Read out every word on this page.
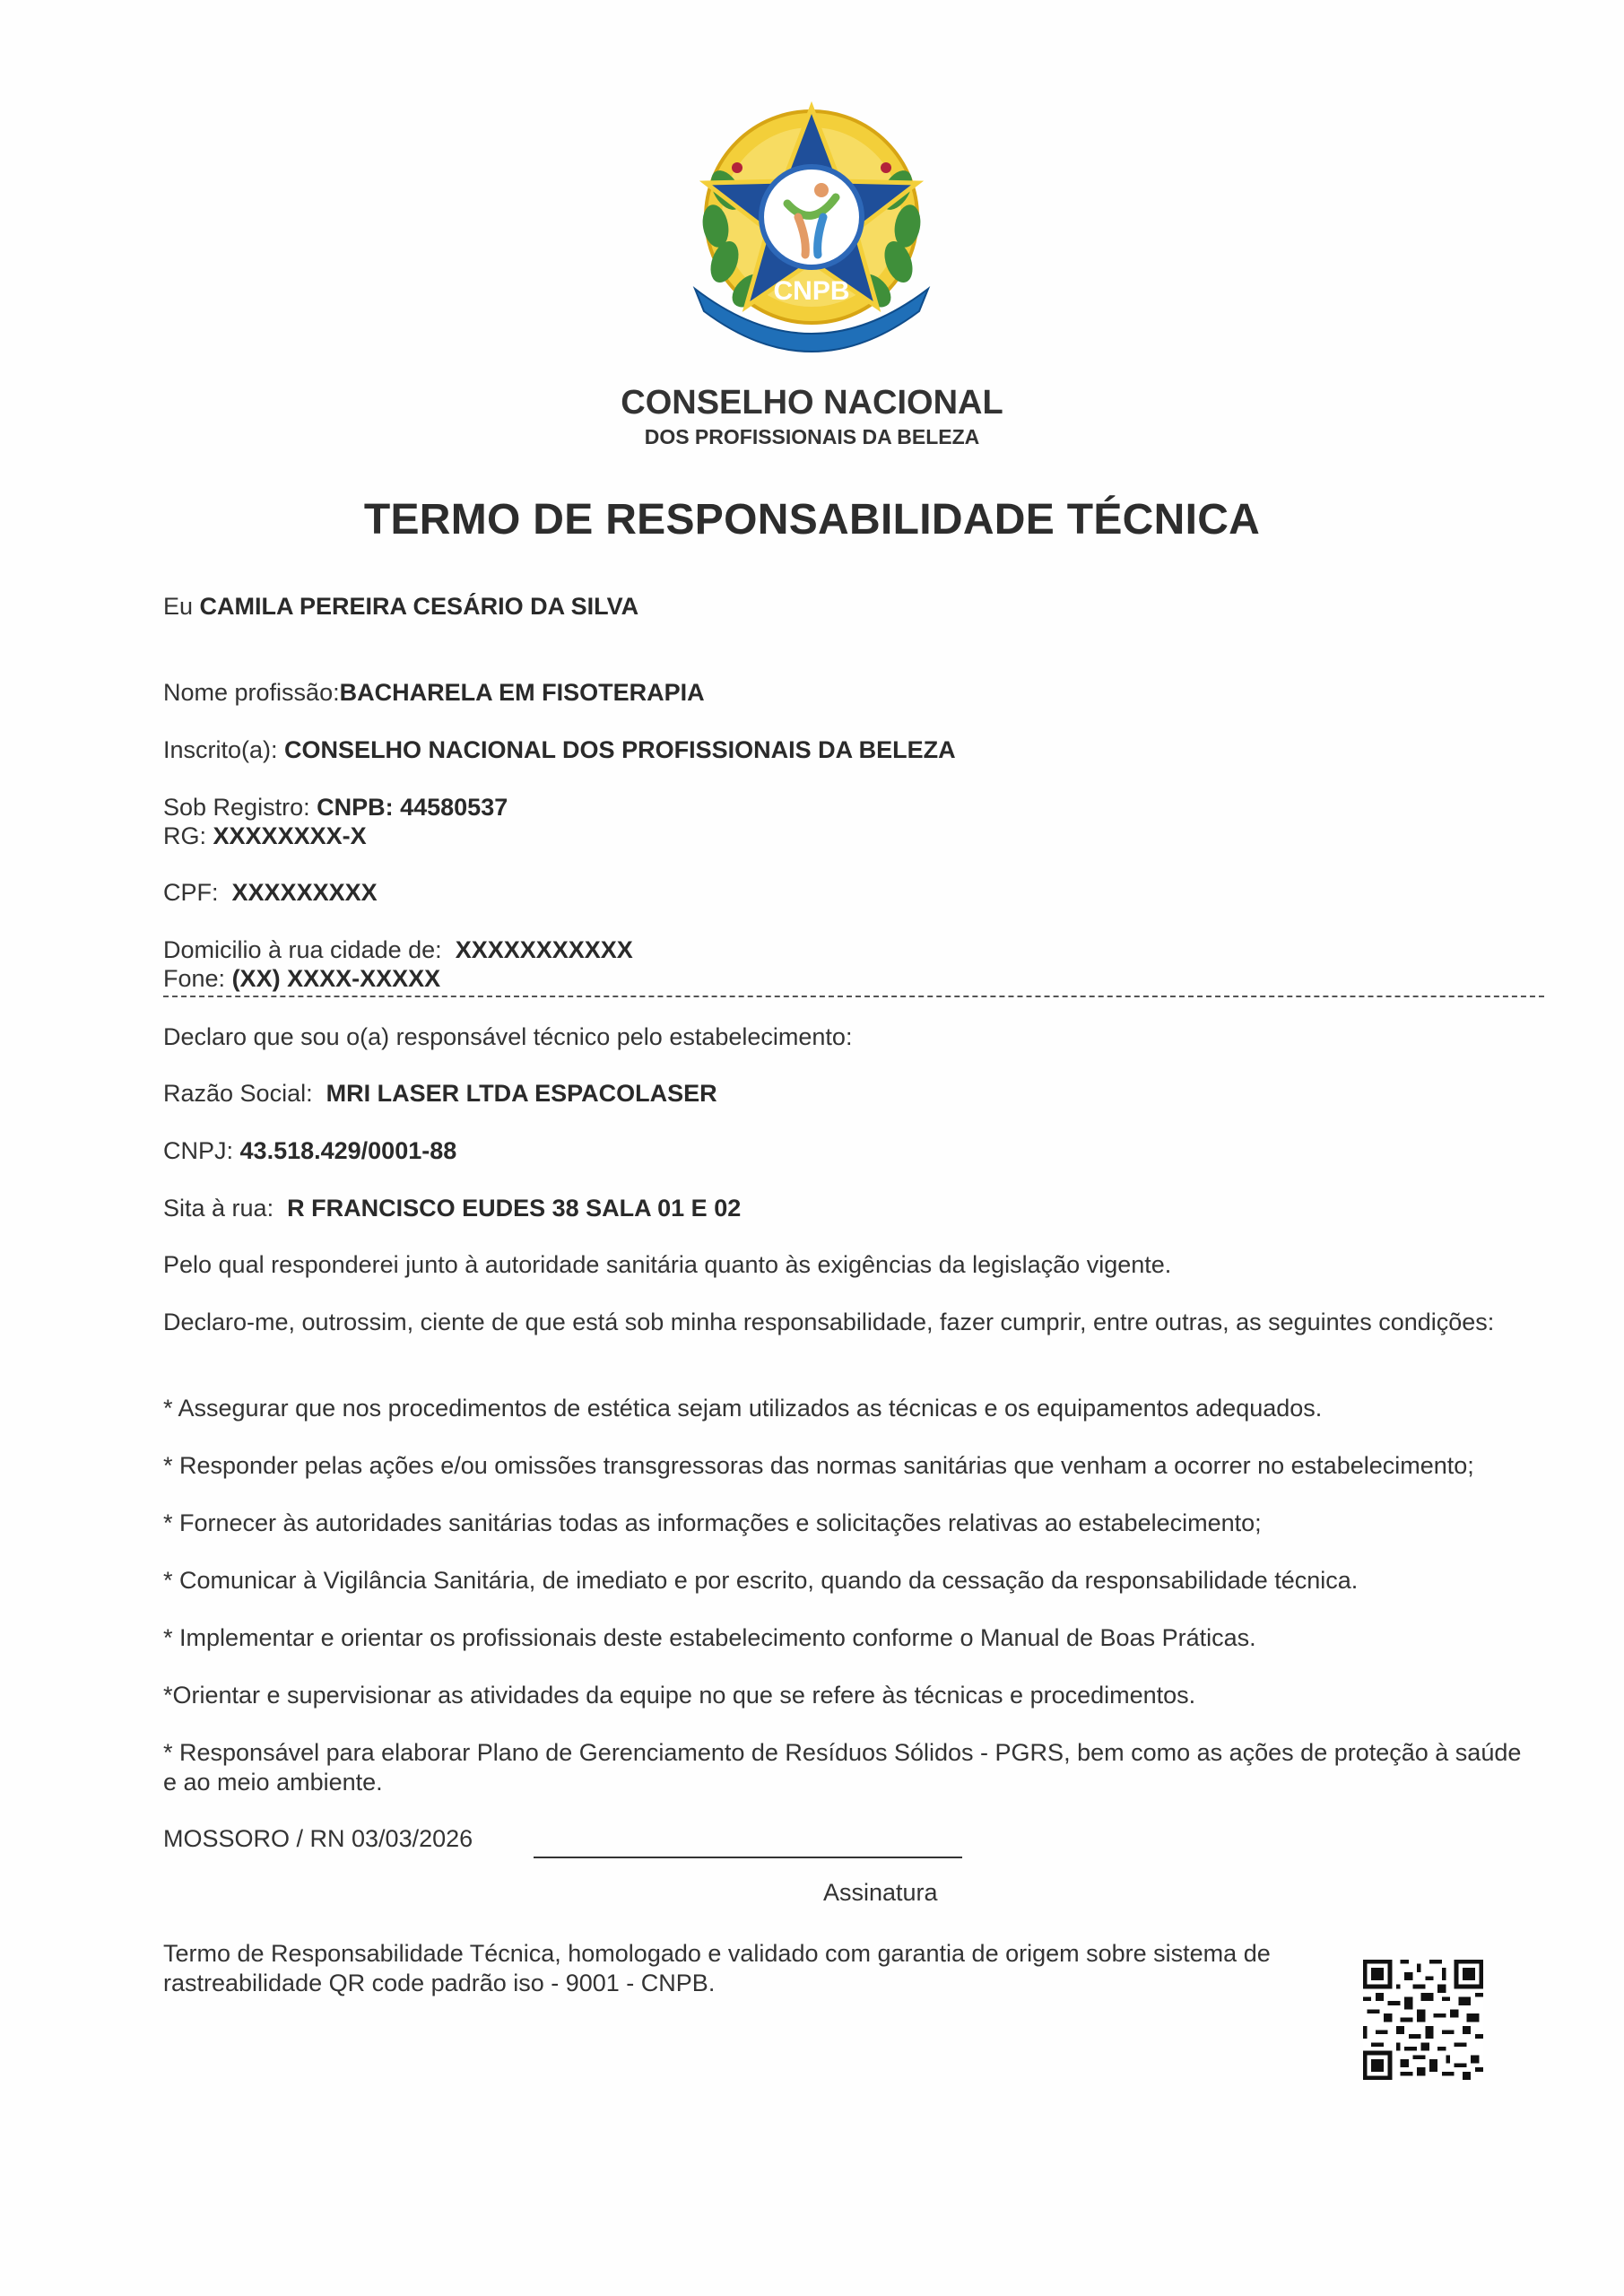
CNPB
CONSELHO NACIONAL
DOS PROFISSIONAIS DA BELEZA
TERMO DE RESPONSABILIDADE TÉCNICA
Eu CAMILA PEREIRA CESÁRIO DA SILVA
Nome profissão:BACHARELA EM FISOTERAPIA
Inscrito(a): CONSELHO NACIONAL DOS PROFISSIONAIS DA BELEZA
Sob Registro: CNPB: 44580537
RG: XXXXXXXX-X
CPF: XXXXXXXXX
Domicilio à rua cidade de: XXXXXXXXXXX
Fone: (XX) XXXX-XXXXX
Declaro que sou o(a) responsável técnico pelo estabelecimento:
Razão Social: MRI LASER LTDA ESPACOLASER
CNPJ: 43.518.429/0001-88
Sita à rua: R FRANCISCO EUDES 38 SALA 01 E 02
Pelo qual responderei junto à autoridade sanitária quanto às exigências da legislação vigente.
Declaro-me, outrossim, ciente de que está sob minha responsabilidade, fazer cumprir, entre outras, as seguintes condições:
* Assegurar que nos procedimentos de estética sejam utilizados as técnicas e os equipamentos adequados.
* Responder pelas ações e/ou omissões transgressoras das normas sanitárias que venham a ocorrer no estabelecimento;
* Fornecer às autoridades sanitárias todas as informações e solicitações relativas ao estabelecimento;
* Comunicar à Vigilância Sanitária, de imediato e por escrito, quando da cessação da responsabilidade técnica.
* Implementar e orientar os profissionais deste estabelecimento conforme o Manual de Boas Práticas.
*Orientar e supervisionar as atividades da equipe no que se refere às técnicas e procedimentos.
* Responsável para elaborar Plano de Gerenciamento de Resíduos Sólidos - PGRS, bem como as ações de proteção à saúde e ao meio ambiente.
MOSSORO / RN 03/03/2026
Assinatura
Termo de Responsabilidade Técnica, homologado e validado com garantia de origem sobre sistema de rastreabilidade QR code padrão iso - 9001 - CNPB.
